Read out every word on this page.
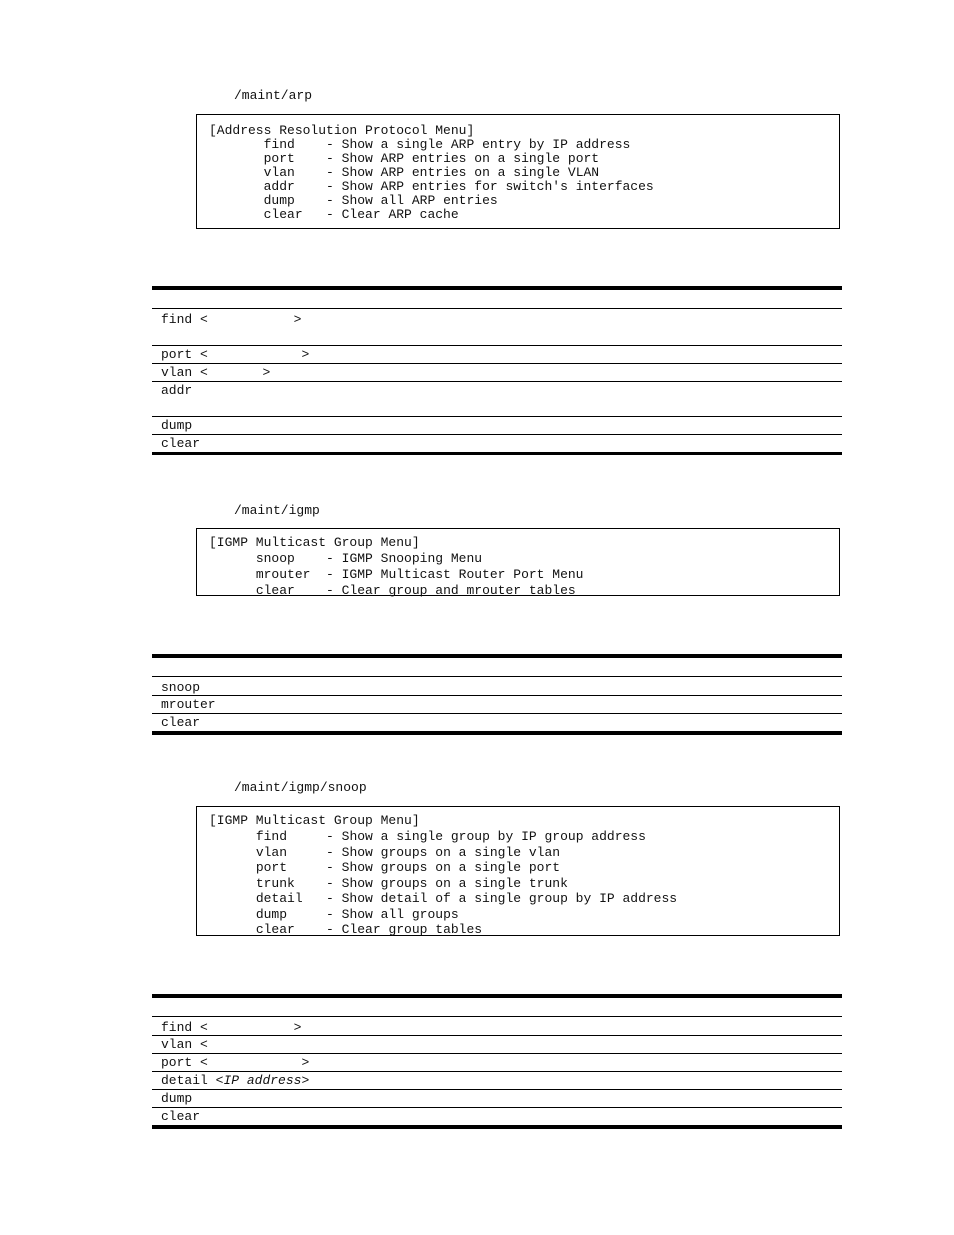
/maint/arp
[Address Resolution Protocol Menu]
find - Show a single ARP entry by IP address
port - Show ARP entries on a single port
vlan - Show ARP entries on a single VLAN
addr - Show ARP entries for switch's interfaces
dump - Show all ARP entries
clear - Clear ARP cache
find <	>
port <	>
vlan <	>
addr
dump
clear
/maint/igmp
[IGMP Multicast Group Menu]
snoop - IGMP Snooping Menu
mrouter - IGMP Multicast Router Port Menu
clear - Clear group and mrouter tables
snoop
mrouter
clear
/maint/igmp/snoop
[IGMP Multicast Group Menu]
find	- Show a single group by IP group address
vlan	- Show groups on a single vlan
port	- Show groups on a single port
trunk - Show groups on a single trunk
detail - Show detail of a single group by IP address
dump	- Show all groups
clear - Clear group tables
find <	>
vlan <
port <	>
detail <IP address>
dump
clear
